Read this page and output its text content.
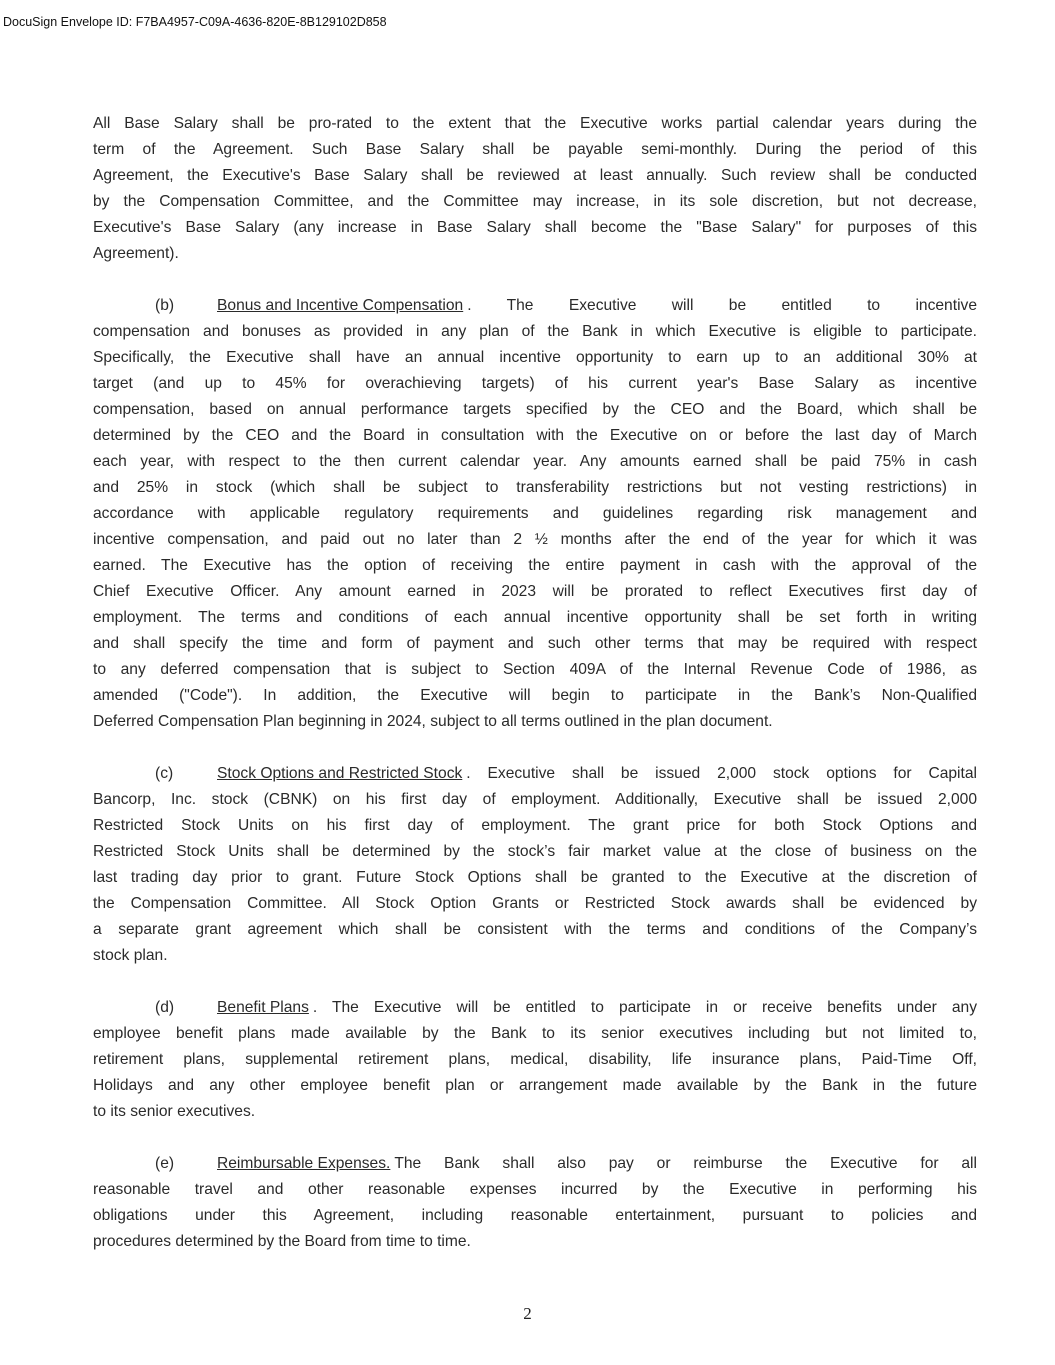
DocuSign Envelope ID: F7BA4957-C09A-4636-820E-8B129102D858
All Base Salary shall be pro-rated to the extent that the Executive works partial calendar years during the
term of the Agreement. Such Base Salary shall be payable semi-monthly. During the period of this
Agreement, the Executive's Base Salary shall be reviewed at least annually. Such review shall be conducted
by the Compensation Committee, and the Committee may increase, in its sole discretion, but not decrease,
Executive's Base Salary (any increase in Base Salary shall become the "Base Salary" for purposes of this
Agreement).
(b)	Bonus and Incentive Compensation . The Executive will be entitled to incentive
compensation and bonuses as provided in any plan of the Bank in which Executive is eligible to participate.
Specifically, the Executive shall have an annual incentive opportunity to earn up to an additional 30% at
target (and up to 45% for overachieving targets) of his current year's Base Salary as incentive
compensation, based on annual performance targets specified by the CEO and the Board, which shall be
determined by the CEO and the Board in consultation with the Executive on or before the last day of March
each year, with respect to the then current calendar year. Any amounts earned shall be paid 75% in cash
and 25% in stock (which shall be subject to transferability restrictions but not vesting restrictions) in
accordance with applicable regulatory requirements and guidelines regarding risk management and
incentive compensation, and paid out no later than 2 ½ months after the end of the year for which it was
earned. The Executive has the option of receiving the entire payment in cash with the approval of the
Chief Executive Officer. Any amount earned in 2023 will be prorated to reflect Executives first day of
employment. The terms and conditions of each annual incentive opportunity shall be set forth in writing
and shall specify the time and form of payment and such other terms that may be required with respect
to any deferred compensation that is subject to Section 409A of the Internal Revenue Code of 1986, as
amended ("Code"). In addition, the Executive will begin to participate in the Bank’s Non-Qualified
Deferred Compensation Plan beginning in 2024, subject to all terms outlined in the plan document.
(c)	Stock Options and Restricted Stock . Executive shall be issued 2,000 stock options for Capital
Bancorp, Inc. stock (CBNK) on his first day of employment. Additionally, Executive shall be issued 2,000
Restricted Stock Units on his first day of employment. The grant price for both Stock Options and
Restricted Stock Units shall be determined by the stock’s fair market value at the close of business on the
last trading day prior to grant. Future Stock Options shall be granted to the Executive at the discretion of
the Compensation Committee. All Stock Option Grants or Restricted Stock awards shall be evidenced by
a separate grant agreement which shall be consistent with the terms and conditions of the Company’s
stock plan.
(d)	Benefit Plans . The Executive will be entitled to participate in or receive benefits under any
employee benefit plans made available by the Bank to its senior executives including but not limited to,
retirement plans, supplemental retirement plans, medical, disability, life insurance plans, Paid-Time Off,
Holidays and any other employee benefit plan or arrangement made available by the Bank in the future
to its senior executives.
(e)	Reimbursable Expenses. The Bank shall also pay or reimburse the Executive for all
reasonable travel and other reasonable expenses incurred by the Executive in performing his
obligations under this Agreement, including reasonable entertainment, pursuant to policies and
procedures determined by the Board from time to time.
2
